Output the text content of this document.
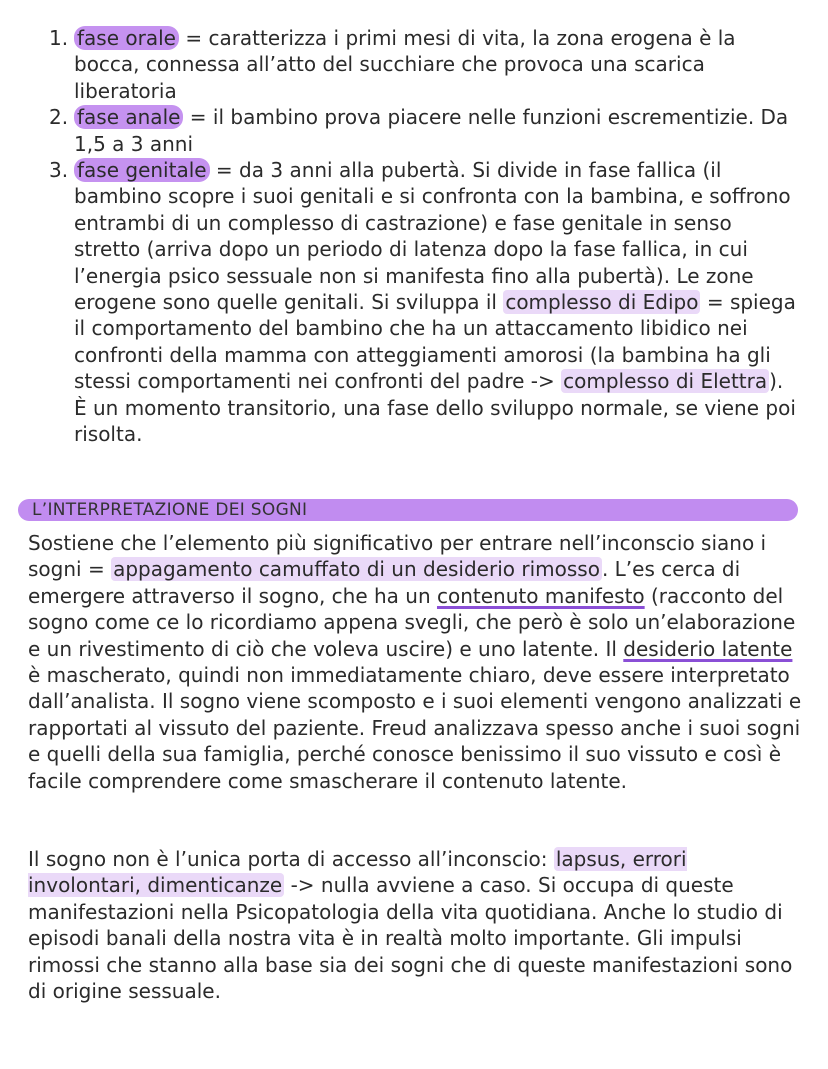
1. fase orale = caratterizza i primi mesi di vita, la zona erogena è la bocca, connessa all’atto del succhiare che provoca una scarica liberatoria
2. fase anale = il bambino prova piacere nelle funzioni escrementizie. Da 1,5 a 3 anni
3. fase genitale = da 3 anni alla pubertà. Si divide in fase fallica (il bambino scopre i suoi genitali e si confronta con la bambina, e soffrono entrambi di un complesso di castrazione) e fase genitale in senso stretto (arriva dopo un periodo di latenza dopo la fase fallica, in cui l’energia psico sessuale non si manifesta fino alla pubertà). Le zone erogene sono quelle genitali. Si sviluppa il complesso di Edipo = spiega il comportamento del bambino che ha un attaccamento libidico nei confronti della mamma con atteggiamenti amorosi (la bambina ha gli stessi comportamenti nei confronti del padre -> complesso di Elettra ). È un momento transitorio, una fase dello sviluppo normale, se viene poi risolta.
L’INTERPRETAZIONE DEI SOGNI

Sostiene che l’elemento più significativo per entrare nell’inconscio siano i sogni = appagamento camuffato di un desiderio rimosso . L’es cerca di emergere attraverso il sogno, che ha un contenuto manifesto (racconto del sogno come ce lo ricordiamo appena svegli, che però è solo un’elaborazione e un rivestimento di ciò che voleva uscire) e uno latente. Il desiderio latente è mascherato, quindi non immediatamente chiaro, deve essere interpretato dall’analista. Il sogno viene scomposto e i suoi elementi vengono analizzati e rapportati al vissuto del paziente. Freud analizzava spesso anche i suoi sogni e quelli della sua famiglia, perché conosce benissimo il suo vissuto e così è facile comprendere come smascherare il contenuto latente.

Il sogno non è l’unica porta di accesso all’inconscio: lapsus, errori involontari, dimenticanze -> nulla avviene a caso. Si occupa di queste manifestazioni nella Psicopatologia della vita quotidiana. Anche lo studio di episodi banali della nostra vita è in realtà molto importante. Gli impulsi rimossi che stanno alla base sia dei sogni che di queste manifestazioni sono di origine sessuale.
